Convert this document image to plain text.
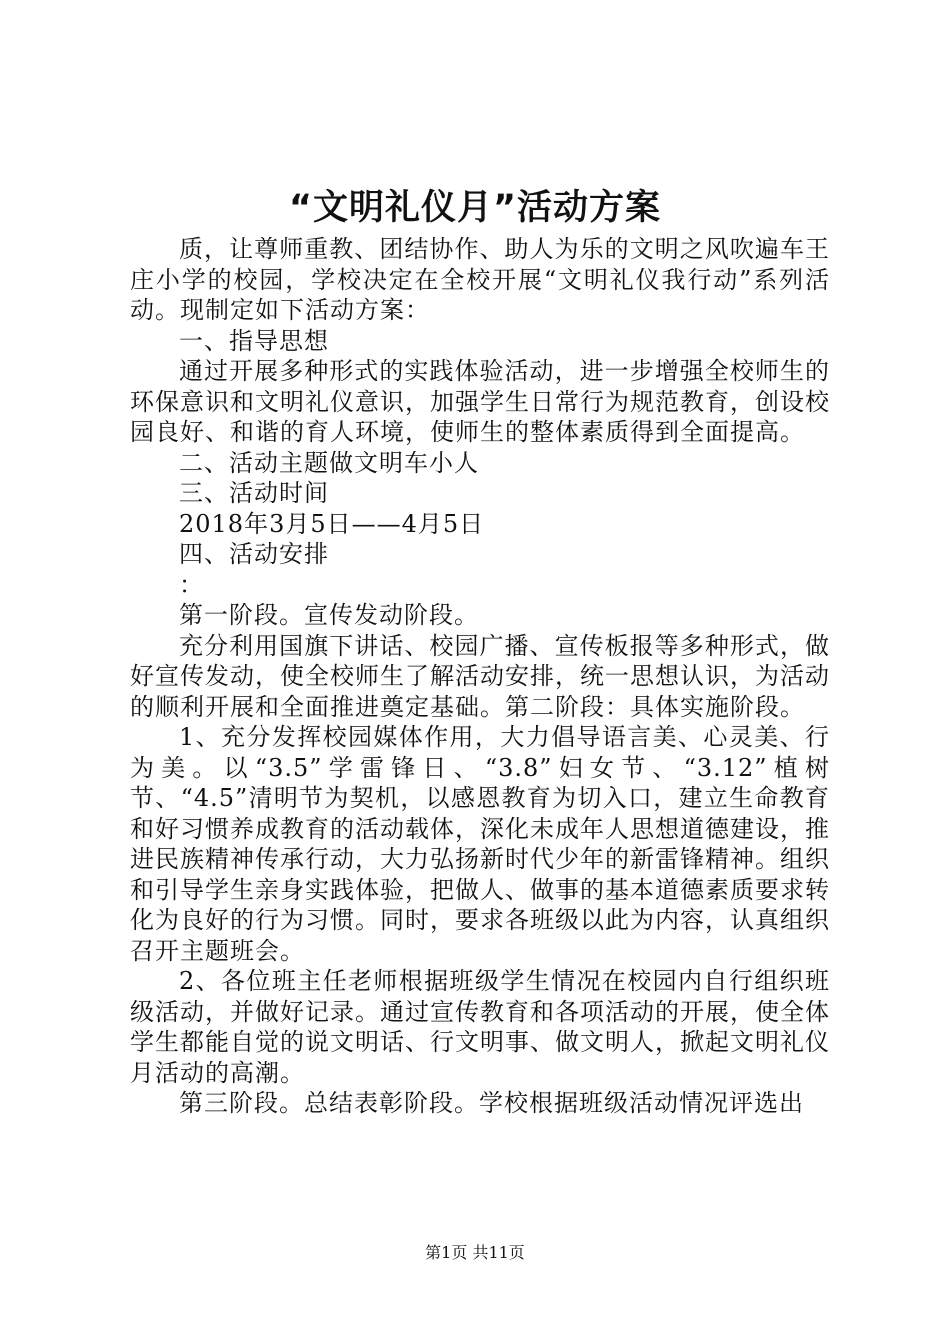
“文明礼仪月”活动方案

质，让尊师重教、团结协作、助人为乐的文明之风吹遍车王庄小学的校园，学校决定在全校开展“文明礼仪我行动”系列活动。现制定如下活动方案：

一、指导思想

通过开展多种形式的实践体验活动，进一步增强全校师生的环保意识和文明礼仪意识，加强学生日常行为规范教育，创设校园良好、和谐的育人环境，使师生的整体素质得到全面提高。

二、活动主题做文明车小人

三、活动时间

2018年3月5日——4月5日

四、活动安排

：

第一阶段。宣传发动阶段。

充分利用国旗下讲话、校园广播、宣传板报等多种形式，做好宣传发动，使全校师生了解活动安排，统一思想认识，为活动的顺利开展和全面推进奠定基础。第二阶段：具体实施阶段。

1、充分发挥校园媒体作用，大力倡导语言美、心灵美、行为美。以“3.5”学雷锋日、“3.8”妇女节、“3.12”植树节、“4.5”清明节为契机，以感恩教育为切入口，建立生命教育和好习惯养成教育的活动载体，深化未成年人思想道德建设，推进民族精神传承行动，大力弘扬新时代少年的新雷锋精神。组织和引导学生亲身实践体验，把做人、做事的基本道德素质要求转化为良好的行为习惯。同时，要求各班级以此为内容，认真组织召开主题班会。

2、各位班主任老师根据班级学生情况在校园内自行组织班级活动，并做好记录。通过宣传教育和各项活动的开展，使全体学生都能自觉的说文明话、行文明事、做文明人，掀起文明礼仪月活动的高潮。

第三阶段。总结表彰阶段。学校根据班级活动情况评选出

第1页 共11页
